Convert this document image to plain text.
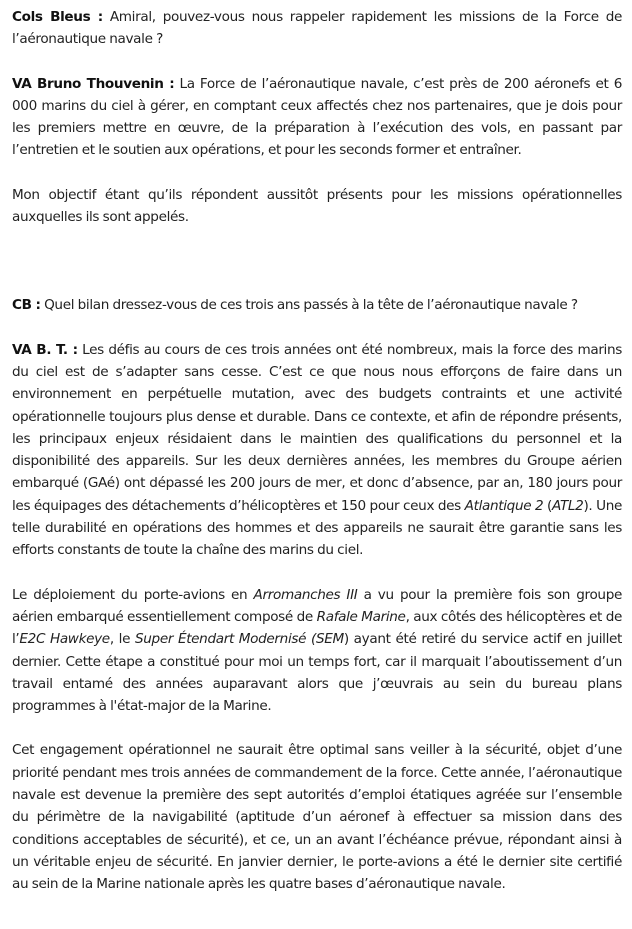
Cols Bleus : Amiral, pouvez-vous nous rappeler rapidement les missions de la Force de l’aéronautique navale ?

VA Bruno Thouvenin : La Force de l’aéronautique navale, c’est près de 200 aéronefs et 6 000 marins du ciel à gérer, en comptant ceux affectés chez nos partenaires, que je dois pour les premiers mettre en œuvre, de la préparation à l’exécution des vols, en passant par l’entretien et le soutien aux opérations, et pour les seconds former et entraîner.

Mon objectif étant qu’ils répondent aussitôt présents pour les missions opérationnelles auxquelles ils sont appelés.

CB : Quel bilan dressez-vous de ces trois ans passés à la tête de l’aéronautique navale ?

VA B. T. : Les défis au cours de ces trois années ont été nombreux, mais la force des marins du ciel est de s’adapter sans cesse. C’est ce que nous nous efforçons de faire dans un environnement en perpétuelle mutation, avec des budgets contraints et une activité opérationnelle toujours plus dense et durable. Dans ce contexte, et afin de répondre présents, les principaux enjeux résidaient dans le maintien des qualifications du personnel et la disponibilité des appareils. Sur les deux dernières années, les membres du Groupe aérien embarqué (GAé) ont dépassé les 200 jours de mer, et donc d’absence, par an, 180 jours pour les équipages des détachements d’hélicoptères et 150 pour ceux des Atlantique 2 (ATL2). Une telle durabilité en opérations des hommes et des appareils ne saurait être garantie sans les efforts constants de toute la chaîne des marins du ciel.

Le déploiement du porte-avions en Arromanches III a vu pour la première fois son groupe aérien embarqué essentiellement composé de Rafale Marine, aux côtés des hélicoptères et de l’E2C Hawkeye, le Super Étendart Modernisé (SEM) ayant été retiré du service actif en juillet dernier. Cette étape a constitué pour moi un temps fort, car il marquait l’aboutissement d’un travail entamé des années auparavant alors que j’œuvrais au sein du bureau plans programmes à l'état-major de la Marine.

Cet engagement opérationnel ne saurait être optimal sans veiller à la sécurité, objet d’une priorité pendant mes trois années de commandement de la force. Cette année, l’aéronautique navale est devenue la première des sept autorités d’emploi étatiques agréée sur l’ensemble du périmètre de la navigabilité (aptitude d’un aéronef à effectuer sa mission dans des conditions acceptables de sécurité), et ce, un an avant l’échéance prévue, répondant ainsi à un véritable enjeu de sécurité. En janvier dernier, le porte-avions a été le dernier site certifié au sein de la Marine nationale après les quatre bases d’aéronautique navale.
